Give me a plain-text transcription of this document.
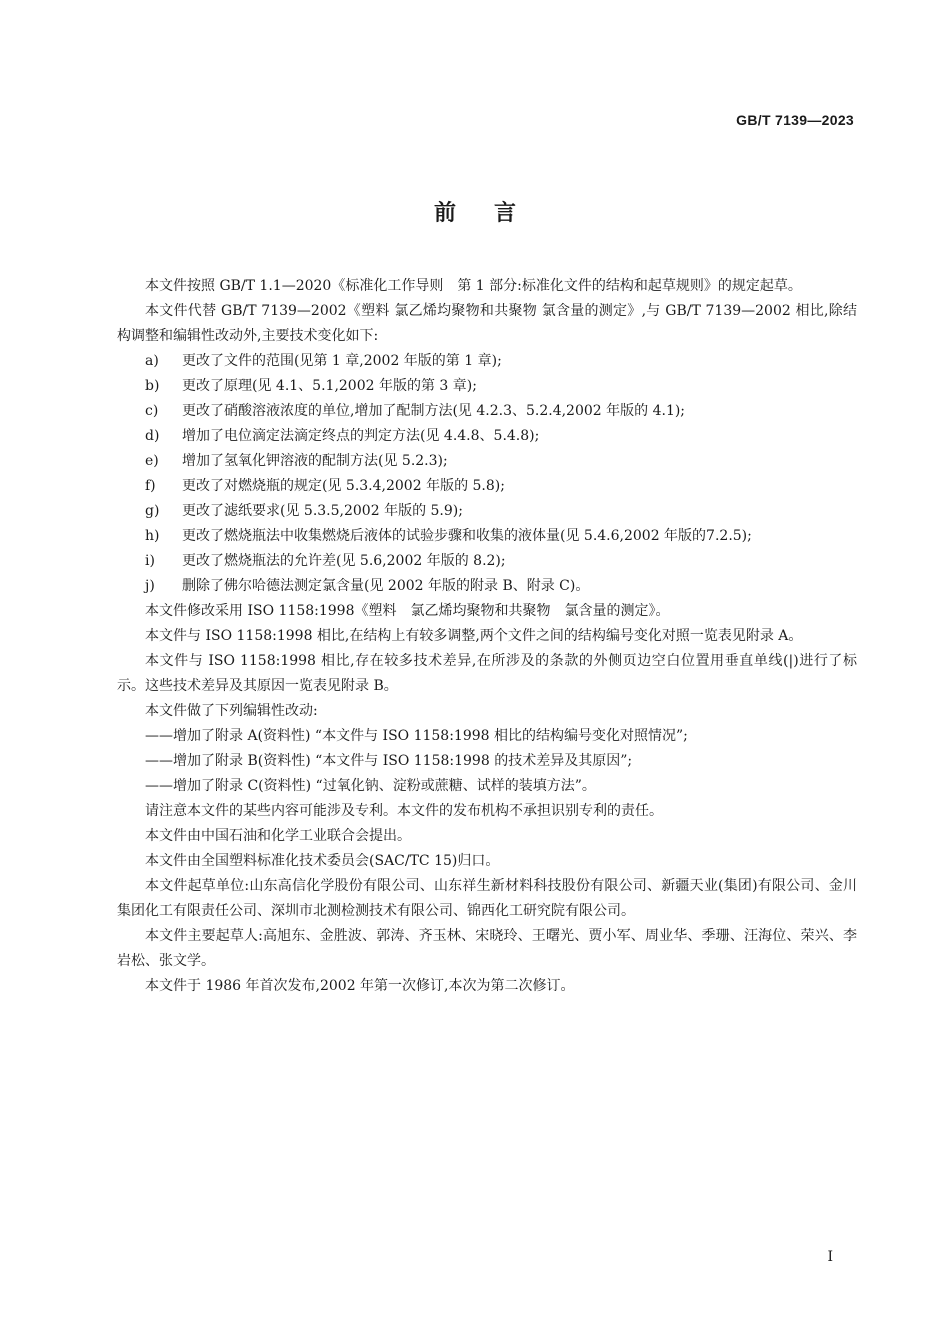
GB/T 7139—2023
前言

本文件按照 GB/T 1.1—2020《标准化工作导则　第 1 部分:标准化文件的结构和起草规则》的规定起草。

本文件代替 GB/T 7139—2002《塑料 氯乙烯均聚物和共聚物 氯含量的测定》,与 GB/T 7139—2002 相比,除结构调整和编辑性改动外,主要技术变化如下:

a) 更改了文件的范围(见第 1 章,2002 年版的第 1 章);

b) 更改了原理(见 4.1、5.1,2002 年版的第 3 章);

c) 更改了硝酸溶液浓度的单位,增加了配制方法(见 4.2.3、5.2.4,2002 年版的 4.1);

d) 增加了电位滴定法滴定终点的判定方法(见 4.4.8、5.4.8);

e) 增加了氢氧化钾溶液的配制方法(见 5.2.3);

f) 更改了对燃烧瓶的规定(见 5.3.4,2002 年版的 5.8);

g) 更改了滤纸要求(见 5.3.5,2002 年版的 5.9);

h) 更改了燃烧瓶法中收集燃烧后液体的试验步骤和收集的液体量(见 5.4.6,2002 年版的7.2.5);

i) 更改了燃烧瓶法的允许差(见 5.6,2002 年版的 8.2);

j) 删除了佛尔哈德法测定氯含量(见 2002 年版的附录 B、附录 C)。

本文件修改采用 ISO 1158:1998《塑料　氯乙烯均聚物和共聚物　氯含量的测定》。

本文件与 ISO 1158:1998 相比,在结构上有较多调整,两个文件之间的结构编号变化对照一览表见附录 A。

本文件与 ISO 1158:1998 相比,存在较多技术差异,在所涉及的条款的外侧页边空白位置用垂直单线(|)进行了标示。这些技术差异及其原因一览表见附录 B。

本文件做了下列编辑性改动:

——增加了附录 A(资料性) “本文件与 ISO 1158:1998 相比的结构编号变化对照情况”;

——增加了附录 B(资料性) “本文件与 ISO 1158:1998 的技术差异及其原因”;

——增加了附录 C(资料性) “过氧化钠、淀粉或蔗糖、试样的装填方法”。

请注意本文件的某些内容可能涉及专利。本文件的发布机构不承担识别专利的责任。

本文件由中国石油和化学工业联合会提出。

本文件由全国塑料标准化技术委员会(SAC/TC 15)归口。

本文件起草单位:山东高信化学股份有限公司、山东祥生新材料科技股份有限公司、新疆天业(集团)有限公司、金川集团化工有限责任公司、深圳市北测检测技术有限公司、锦西化工研究院有限公司。

本文件主要起草人:高旭东、金胜波、郭涛、齐玉林、宋晓玲、王曙光、贾小军、周业华、季珊、汪海位、荣兴、李岩松、张文学。

本文件于 1986 年首次发布,2002 年第一次修订,本次为第二次修订。

I
